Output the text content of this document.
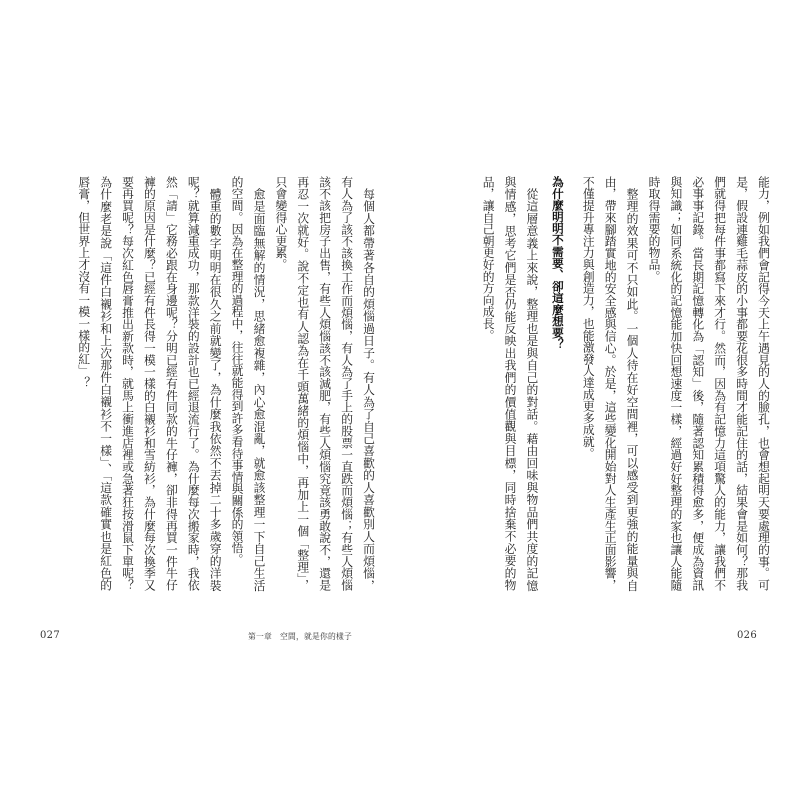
能力，例如我們會記得今天上午遇見的人的臉孔，也會想起明天要處理的事。可
是，假設連雞毛蒜皮的小事都要花很多時間才能記住的話，結果會是如何？那我
們就得把每件事都寫下來才行。然而，因為有記憶力這項驚人的能力，讓我們不
必事事記錄。當長期記憶轉化為「認知」後，隨著認知累積得愈多，便成為資訊
與知識；如同系統化的記憶能加快回想速度一樣，經過好好整理的家也讓人能隨
時取得需要的物品。
整理的效果可不只如此。一個人待在好空間裡，可以感受到更強的能量與自
由，帶來腳踏實地的安全感與信心。於是，這些變化開始對人生產生正面影響，
不僅提升專注力與創造力，也能激發人達成更多成就。
為什麼明明不需要、卻這麼想要？
從這層意義上來說，整理也是與自己的對話。藉由回味與物品們共度的記憶
與情感，思考它們是否仍能反映出我們的價值觀與目標，同時捨棄不必要的物
品，讓自己朝更好的方向成長。
每個人都帶著各自的煩惱過日子。有人為了自己喜歡的人喜歡別人而煩惱，
有人為了該不該換工作而煩惱，有人為了手上的股票一直跌而煩惱；有些人煩惱
該不該把房子出售，有些人煩惱該不該減肥，有些人煩惱究竟該勇敢說不，還是
再忍一次就好。說不定也有人認為在千頭萬緒的煩惱中，再加上一個「整理」，
只會變得心更累。
愈是面臨無解的情況，思緒愈複雜，內心愈混亂，就愈該整理一下自己生活
的空間。因為在整理的過程中，往往就能得到許多看待事情與關係的領悟。
體重的數字明明在很久之前就變了，為什麼我依然不丟掉二十多歲穿的洋裝
呢？就算減重成功，那款洋裝的設計也已經退流行了。為什麼每次搬家時，我依
然「請」它務必跟在身邊呢？分明已經有件同款的牛仔褲，卻非得再買一件牛仔
褲的原因是什麼？已經有件長得一模一樣的白襯衫和雪紡衫，為什麼每次換季又
要再買呢？每次紅色唇膏推出新款時，就馬上衝進店裡或急著狂按滑鼠下單呢？
為什麼老是說「這件白襯衫和上次那件白襯衫不一樣」、「這款確實也是紅色的
唇膏，但世界上才沒有一模一樣的紅」？
027	第一章　空間，就是你的樣子	026
